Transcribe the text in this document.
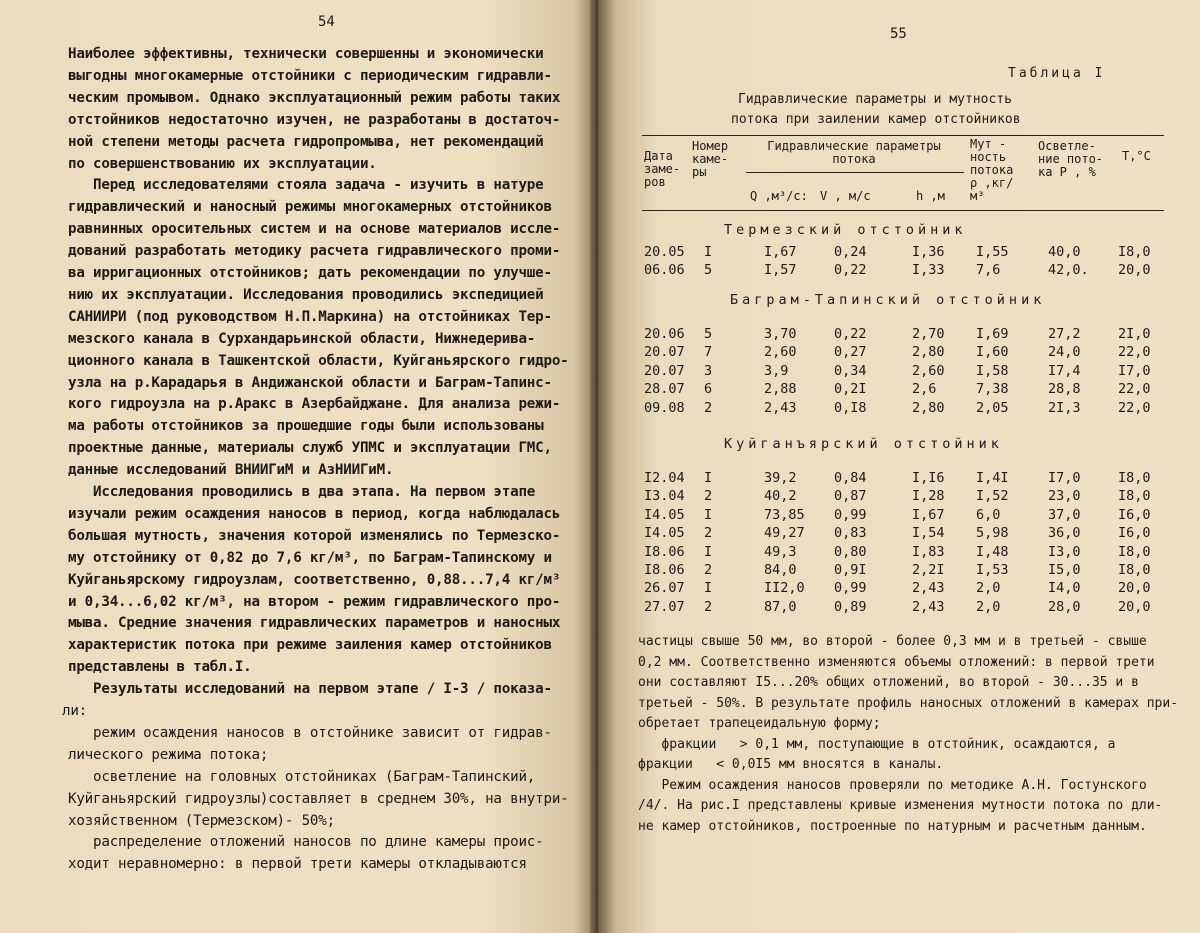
54
Наиболее эффективны, технически совершенны и экономически
выгодны многокамерные отстойники с периодическим гидравли-
ческим промывом. Однако эксплуатационный режим работы таких
отстойников недостаточно изучен, не разработаны в достаточ-
ной степени методы расчета гидропромыва, нет рекомендаций
по совершенствованию их эксплуатации.
Перед исследователями стояла задача - изучить в натуре
гидравлический и наносный режимы многокамерных отстойников
равнинных оросительных систем и на основе материалов иссле-
дований разработать методику расчета гидравлического проми-
ва ирригационных отстойников; дать рекомендации по улучше-
нию их эксплуатации. Исследования проводились экспедицией
САНИИРИ (под руководством Н.П.Маркина) на отстойниках Тер-
мезского канала в Сурхандарьинской области, Нижнедерива-
ционного канала в Ташкентской области, Куйганьярского гидро-
узла на р.Карадарья в Андижанской области и Баграм-Тапинс-
кого гидроузла на р.Аракс в Азербайджане. Для анализа режи-
ма работы отстойников за прошедшие годы были использованы
проектные данные, материалы служб УПМС и эксплуатации ГМС,
данные исследований ВНИИГиМ и АзНИИГиМ.
Исследования проводились в два этапа. На первом этапе
изучали режим осаждения наносов в период, когда наблюдалась
большая мутность, значения которой изменялись по Термезско-
му отстойнику от 0,82 до 7,6 кг/м³, по Баграм-Тапинскому и
Куйганьярскому гидроузлам, соответственно, 0,88...7,4 кг/м³
и 0,34...6,02 кг/м³, на втором - режим гидравлического про-
мыва. Средние значения гидравлических параметров и наносных
характеристик потока при режиме заиления камер отстойников
представлены в табл.I.
Результаты исследований на первом этапе / I-3 / показа-
ли:
режим осаждения наносов в отстойнике зависит от гидрав-
лического режима потока;
осветление на головных отстойниках (Баграм-Тапинский,
Куйганьярский гидроузлы)составляет в среднем 30%, на внутри-
хозяйственном (Термезском)- 50%;
распределение отложений наносов по длине камеры проис-
ходит неравномерно: в первой трети камеры откладываются
55
Таблица I
Гидравлические параметры и мутность
потока при заилении камер отстойников
Дата
заме-
ров
Номер
каме-
ры
Гидравлические параметры
потока
Q ,м³/с: V , м/с	h ,м
Мут -
ность
потока
ρ ,кг/
м³
Осветле-
ние пото-
ка P , %
T,°C
Термезский отстойник
20.05 I	I,67	0,24	I,36 I,55	40,0	I8,0
06.06 5	I,57	0,22	I,33 7,6	42,0. 20,0
Баграм-Тапинский отстойник
20.06 5	3,70	0,22	2,70 I,69	27,2	2I,0
20.07 7	2,60	0,27	2,80 I,60	24,0	22,0
20.07 3	3,9	0,34	2,60 I,58	I7,4	I7,0
28.07 6	2,88	0,2I	2,6	7,38	28,8	22,0
09.08 2	2,43	0,I8	2,80 2,05	2I,3	22,0
Куйганъярский отстойник
I2.04 I	39,2	0,84	I,I6 I,4I	I7,0	I8,0
I3.04 2	40,2	0,87	I,28 I,52	23,0	I8,0
I4.05 I	73,85 0,99	I,67 6,0	37,0	I6,0
I4.05 2	49,27 0,83	I,54 5,98	36,0	I6,0
I8.06 I	49,3	0,80	I,83 I,48	I3,0	I8,0
I8.06 2	84,0	0,9I	2,2I I,53	I5,0	I8,0
26.07 I	II2,0 0,99	2,43 2,0	I4,0	20,0
27.07 2	87,0	0,89	2,43 2,0	28,0	20,0
частицы свыше 50 мм, во второй - более 0,3 мм и в третьей - свыше
0,2 мм. Соответственно изменяются объемы отложений: в первой трети
они составляют I5...20% общих отложений, во второй - 30...35 и в
третьей - 50%. В результате профиль наносных отложений в камерах при-
обретает трапецеидальную форму;
фракции   > 0,1 мм, поступающие в отстойник, осаждаются, а
фракции   < 0,0I5 мм вносятся в каналы.
Режим осаждения наносов проверяли по методике А.Н. Гостунского
/4/. На рис.I представлены кривые изменения мутности потока по дли-
не камер отстойников, построенные по натурным и расчетным данным.
